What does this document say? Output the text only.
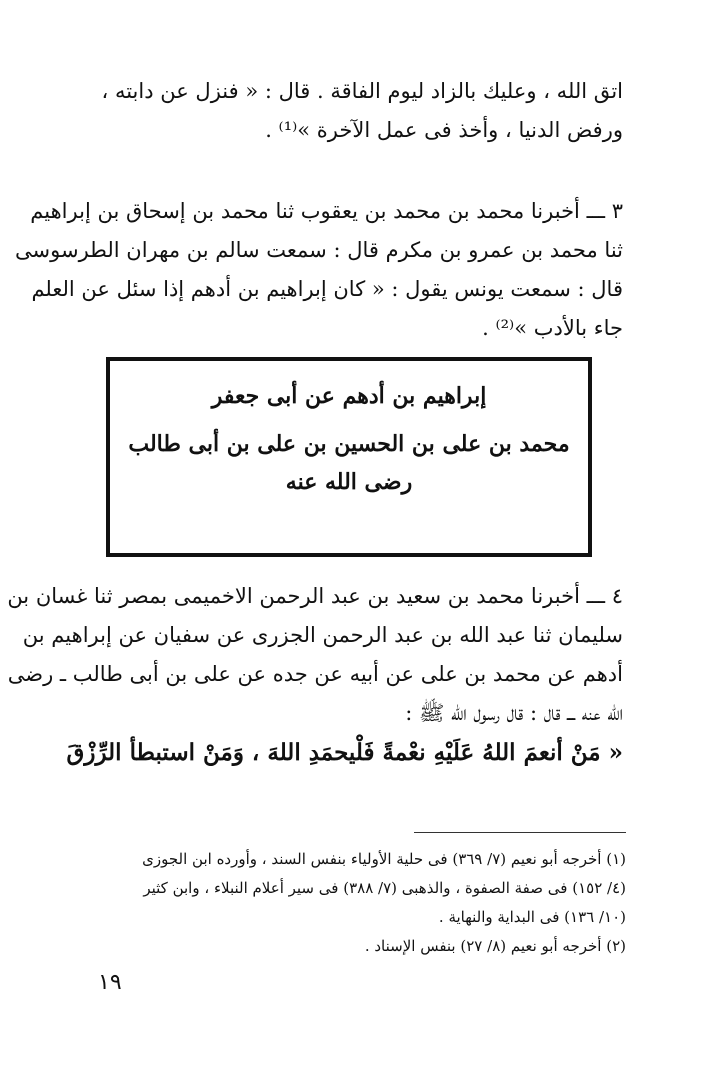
اتق الله ، وعليك بالزاد ليوم الفاقة . قال : « فنزل عن دابته ،
ورفض الدنيا ، وأخذ فى عمل الآخرة »⁽¹⁾ .
٣ ـــ أخبرنا محمد بن محمد بن يعقوب ثنا محمد بن إسحاق بن إبراهيم
ثنا محمد بن عمرو بن مكرم قال : سمعت سالم بن مهران الطرسوسى
قال : سمعت يونس يقول : « كان إبراهيم بن أدهم إذا سئل عن العلم
جاء بالأدب »⁽²⁾ .
إبراهيم بن أدهم عن أبى جعفر
محمد بن على بن الحسين بن على بن أبى طالب
رضى الله عنه
٤ ـــ أخبرنا محمد بن سعيد بن عبد الرحمن الاخميمى بمصر ثنا غسان بن
سليمان ثنا عبد الله بن عبد الرحمن الجزرى عن سفيان عن إبراهيم بن
أدهم عن محمد بن على عن أبيه عن جده عن على بن أبى طالب ـ رضى
الله عنه ـــ قال : قال رسول الله ﷺ :
« مَنْ أنعمَ اللهُ عَلَيْهِ نعْمةً فَلْيحمَدِ اللهَ ، وَمَنْ استبطأ الرِّزْقَ
(١) أخرجه أبو نعيم (٧/ ٣٦٩) فى حلية الأولياء بنفس السند ، وأورده ابن الجوزى
(٤/ ١٥٢) فى صفة الصفوة ، والذهبى (٧/ ٣٨٨) فى سير أعلام النبلاء ، وابن كثير
(١٠/ ١٣٦) فى البداية والنهاية .
(٢) أخرجه أبو نعيم (٨/ ٢٧) بنفس الإسناد .
١٩
